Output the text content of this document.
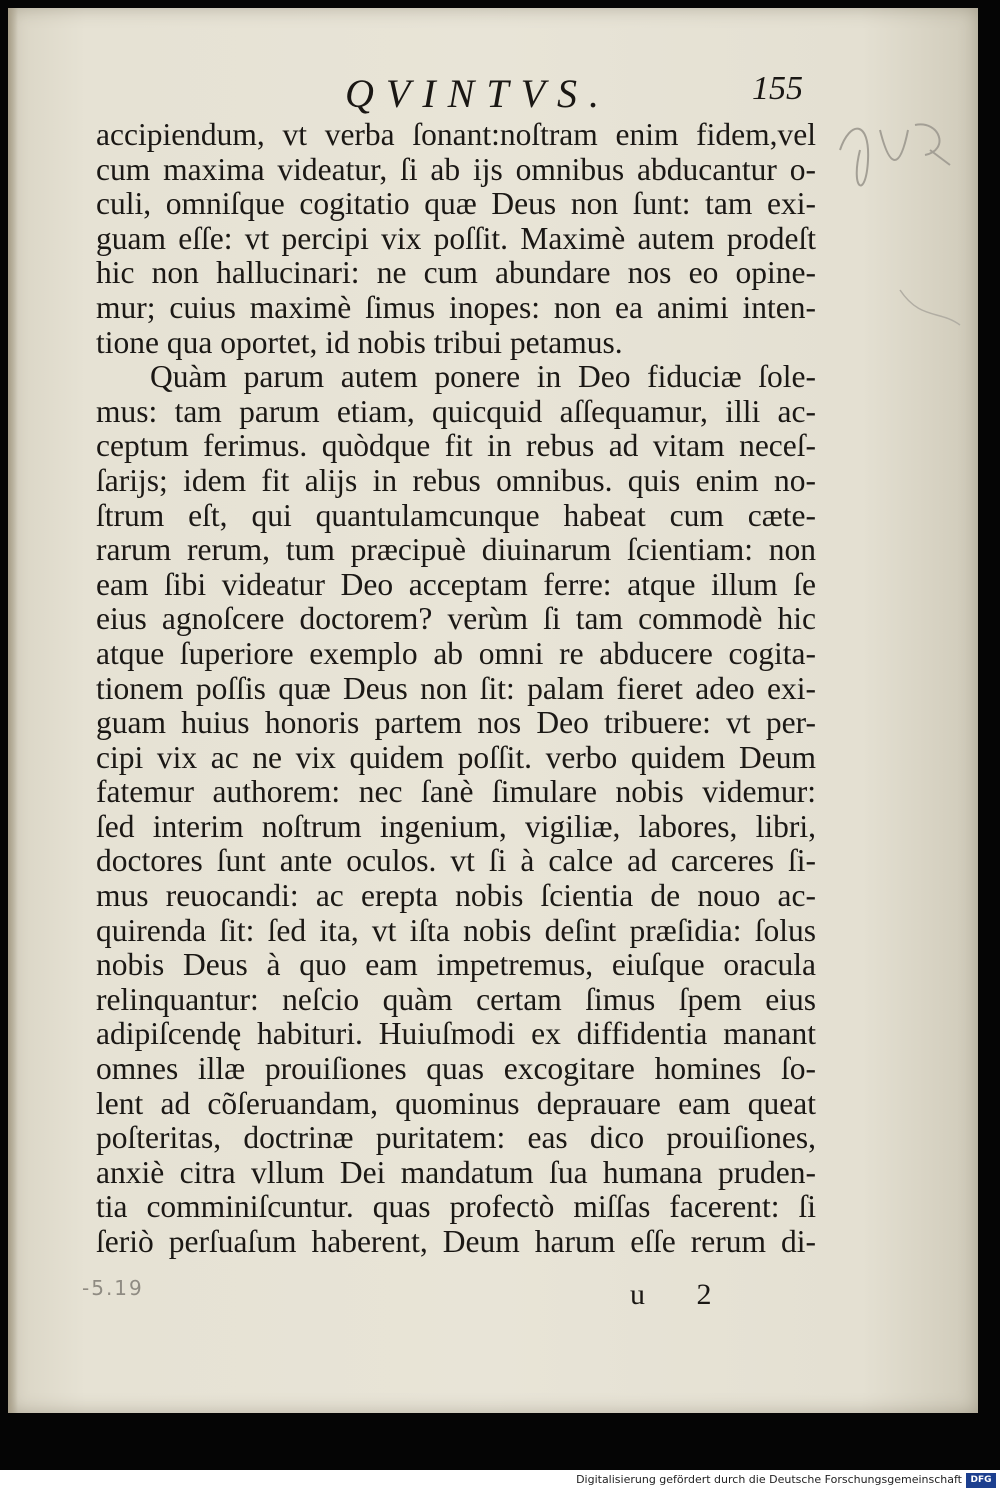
QVINTVS.	155
accipiendum, vt verba ſonant:noſtram enim fidem,vel
cum maxima videatur, ſi ab ijs omnibus abducantur o-
culi, omniſque cogitatio quæ Deus non ſunt: tam exi-
guam eſſe: vt percipi vix poſſit. Maximè autem prodeſt
hic non hallucinari: ne cum abundare nos eo opine-
mur; cuius maximè ſimus inopes: non ea animi inten-
tione qua oportet, id nobis tribui petamus.
Quàm parum autem ponere in Deo fiduciæ ſole-
mus: tam parum etiam, quicquid aſſequamur, illi ac-
ceptum ferimus. quòdque fit in rebus ad vitam neceſ-
ſarijs; idem fit alijs in rebus omnibus. quis enim no-
ſtrum eſt, qui quantulamcunque habeat cum cæte-
rarum rerum, tum præcipuè diuinarum ſcientiam: non
eam ſibi videatur Deo acceptam ferre: atque illum ſe
eius agnoſcere doctorem? verùm ſi tam commodè hic
atque ſuperiore exemplo ab omni re abducere cogita-
tionem poſſis quæ Deus non ſit: palam fieret adeo exi-
guam huius honoris partem nos Deo tribuere: vt per-
cipi vix ac ne vix quidem poſſit. verbo quidem Deum
fatemur authorem: nec ſanè ſimulare nobis videmur:
ſed interim noſtrum ingenium, vigiliæ, labores, libri,
doctores ſunt ante oculos. vt ſi à calce ad carceres ſi-
mus reuocandi: ac erepta nobis ſcientia de nouo ac-
quirenda ſit: ſed ita, vt iſta nobis deſint præſidia: ſolus
nobis Deus à quo eam impetremus, eiuſque oracula
relinquantur: neſcio quàm certam ſimus ſpem eius
adipiſcendę habituri. Huiuſmodi ex diffidentia manant
omnes illæ prouiſiones quas excogitare homines ſo-
lent ad cõſeruandam, quominus deprauare eam queat
poſteritas, doctrinæ puritatem: eas dico prouiſiones,
anxiè citra vllum Dei mandatum ſua humana pruden-
tia comminiſcuntur. quas profectò miſſas facerent: ſi
ſeriò perſuaſum haberent, Deum harum eſſe rerum di-
-5.19	u 2
Digitalisierung gefördert durch die Deutsche Forschungsgemeinschaft DFG
